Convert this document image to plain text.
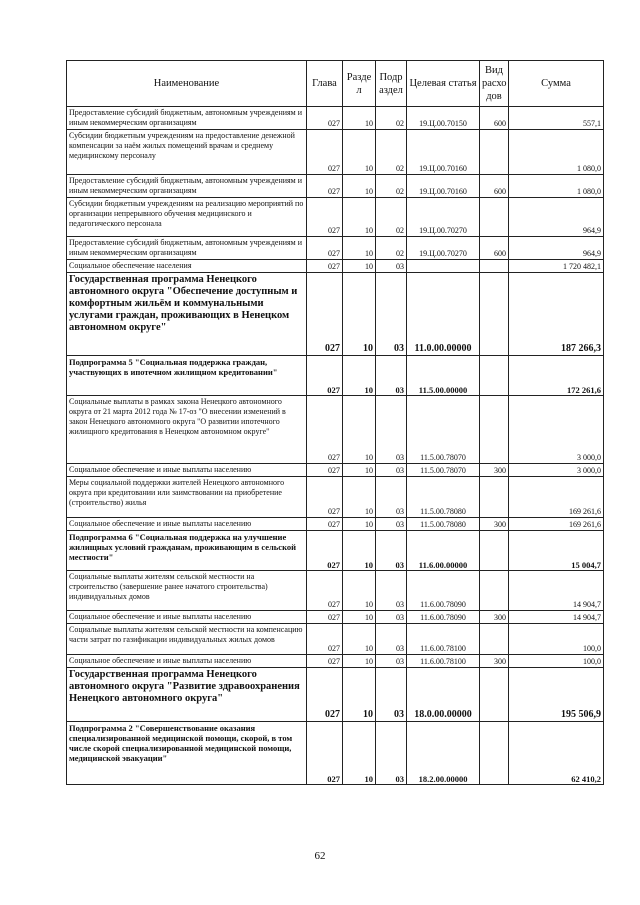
Наименование	Глава	Разде л	Подр аздел	Целевая статья	Вид расхо дов	Сумма
Предоставление субсидий бюджетным, автономным учреждениям и иным некоммерческим организациям	027	10	02	19.Ц.00.70150	600	557,1
Субсидии бюджетным учреждениям на предоставление денежной компенсации за наём жилых помещений врачам и среднему медицинскому персоналу	027	10	02	19.Ц.00.70160		1 080,0
Предоставление субсидий бюджетным, автономным учреждениям и иным некоммерческим организациям	027	10	02	19.Ц.00.70160	600	1 080,0
Субсидии бюджетным учреждениям на реализацию мероприятий по организации непрерывного обучения медицинского и педагогического персонала	027	10	02	19.Ц.00.70270		964,9
Предоставление субсидий бюджетным, автономным учреждениям и иным некоммерческим организациям	027	10	02	19.Ц.00.70270	600	964,9
Социальное обеспечение населения	027	10	03			1 720 482,1
Государственная программа Ненецкого автономного округа "Обеспечение доступным и комфортным жильём и коммунальными услугами граждан, проживающих в Ненецком автономном округе"	027	10	03	11.0.00.00000		187 266,3
Подпрограмма 5 "Социальная поддержка граждан, участвующих в ипотечном жилищном кредитовании"	027	10	03	11.5.00.00000		172 261,6
Социальные выплаты в рамках закона Ненецкого автономного округа от 21 марта 2012 года № 17-оз "О внесении изменений в закон Ненецкого автономного округа "О развитии ипотечного жилищного кредитования в Ненецком автономном округе"	027	10	03	11.5.00.78070		3 000,0
Социальное обеспечение и иные выплаты населению	027	10	03	11.5.00.78070	300	3 000,0
Меры социальной поддержки жителей Ненецкого автономного округа при кредитовании или заимствовании на приобретение (строительство) жилья	027	10	03	11.5.00.78080		169 261,6
Социальное обеспечение и иные выплаты населению	027	10	03	11.5.00.78080	300	169 261,6
Подпрограмма 6 "Социальная поддержка на улучшение жилищных условий гражданам, проживающим в сельской местности"	027	10	03	11.6.00.00000		15 004,7
Социальные выплаты жителям сельской местности на строительство (завершение ранее начатого строительства) индивидуальных домов	027	10	03	11.6.00.78090		14 904,7
Социальное обеспечение и иные выплаты населению	027	10	03	11.6.00.78090	300	14 904,7
Социальные выплаты жителям сельской местности на компенсацию части затрат по газификации индивидуальных жилых домов	027	10	03	11.6.00.78100		100,0
Социальное обеспечение и иные выплаты населению	027	10	03	11.6.00.78100	300	100,0
Государственная программа Ненецкого автономного округа "Развитие здравоохранения Ненецкого автономного округа"	027	10	03	18.0.00.00000		195 506,9
Подпрограмма 2 "Совершенствование оказания специализированной медицинской помощи, скорой, в том числе скорой специализированной медицинской помощи, медицинской эвакуации"	027	10	03	18.2.00.00000		62 410,2
62
